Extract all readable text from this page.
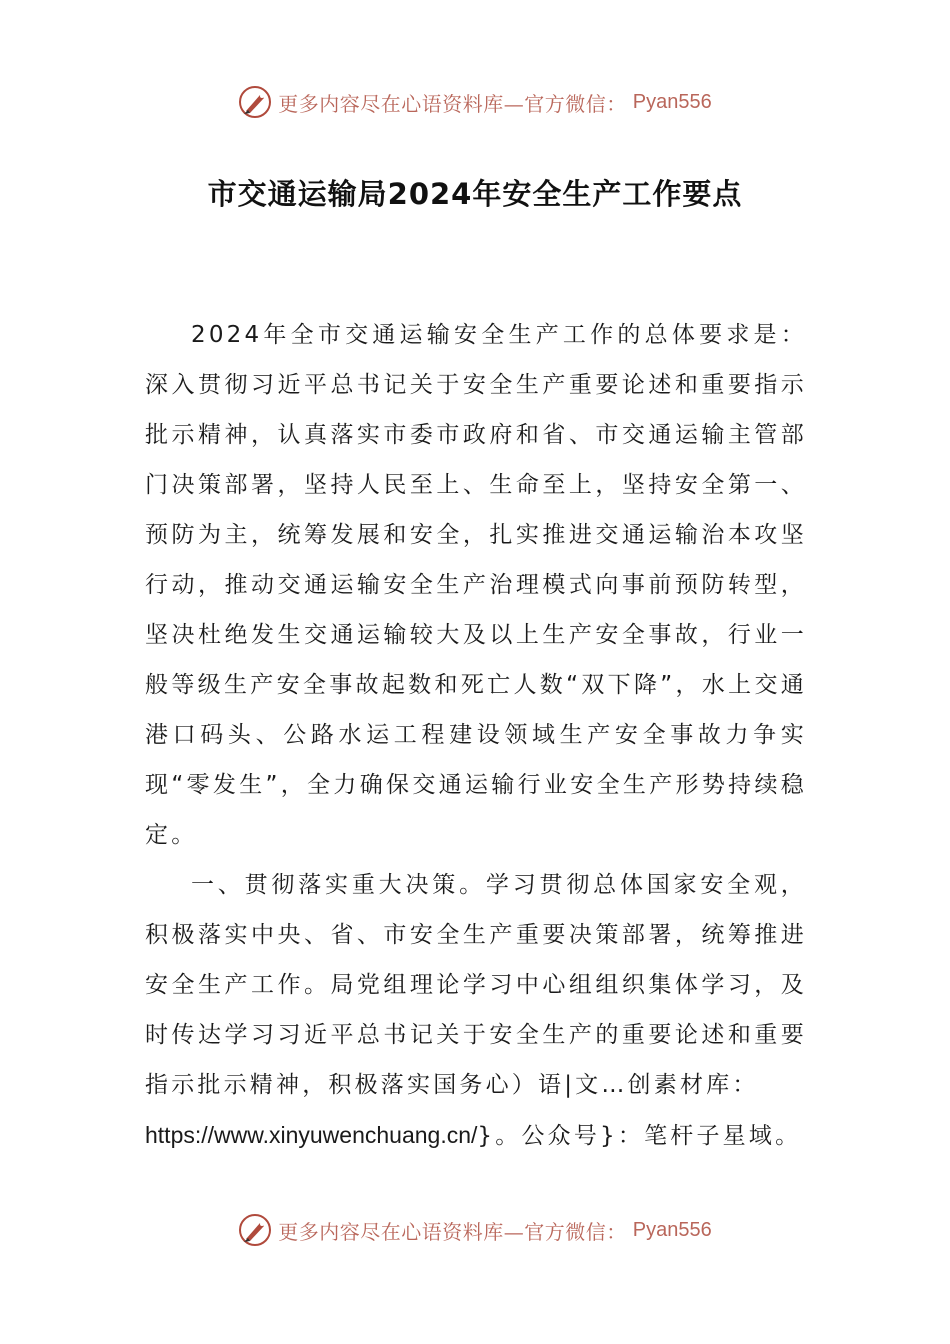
更多内容尽在心语资料库—官方微信： Pyan556
市交通运输局2024年安全生产工作要点

2024年全市交通运输安全生产工作的总体要求是：深入贯彻习近平总书记关于安全生产重要论述和重要指示批示精神，认真落实市委市政府和省、市交通运输主管部门决策部署，坚持人民至上、生命至上，坚持安全第一、预防为主，统筹发展和安全，扎实推进交通运输治本攻坚行动，推动交通运输安全生产治理模式向事前预防转型，坚决杜绝发生交通运输较大及以上生产安全事故，行业一般等级生产安全事故起数和死亡人数“双下降”，水上交通港口码头、公路水运工程建设领域生产安全事故力争实现“零发生”，全力确保交通运输行业安全生产形势持续稳定。

一、贯彻落实重大决策。学习贯彻总体国家安全观，积极落实中央、省、市安全生产重要决策部署，统筹推进安全生产工作。局党组理论学习中心组组织集体学习，及时传达学习习近平总书记关于安全生产的重要论述和重要指示批示精神，积极落实国务心）语|文…创素材库：

https://www.xinyuwenchuang.cn/}。公众号}：笔杆子星域。
更多内容尽在心语资料库—官方微信： Pyan556
